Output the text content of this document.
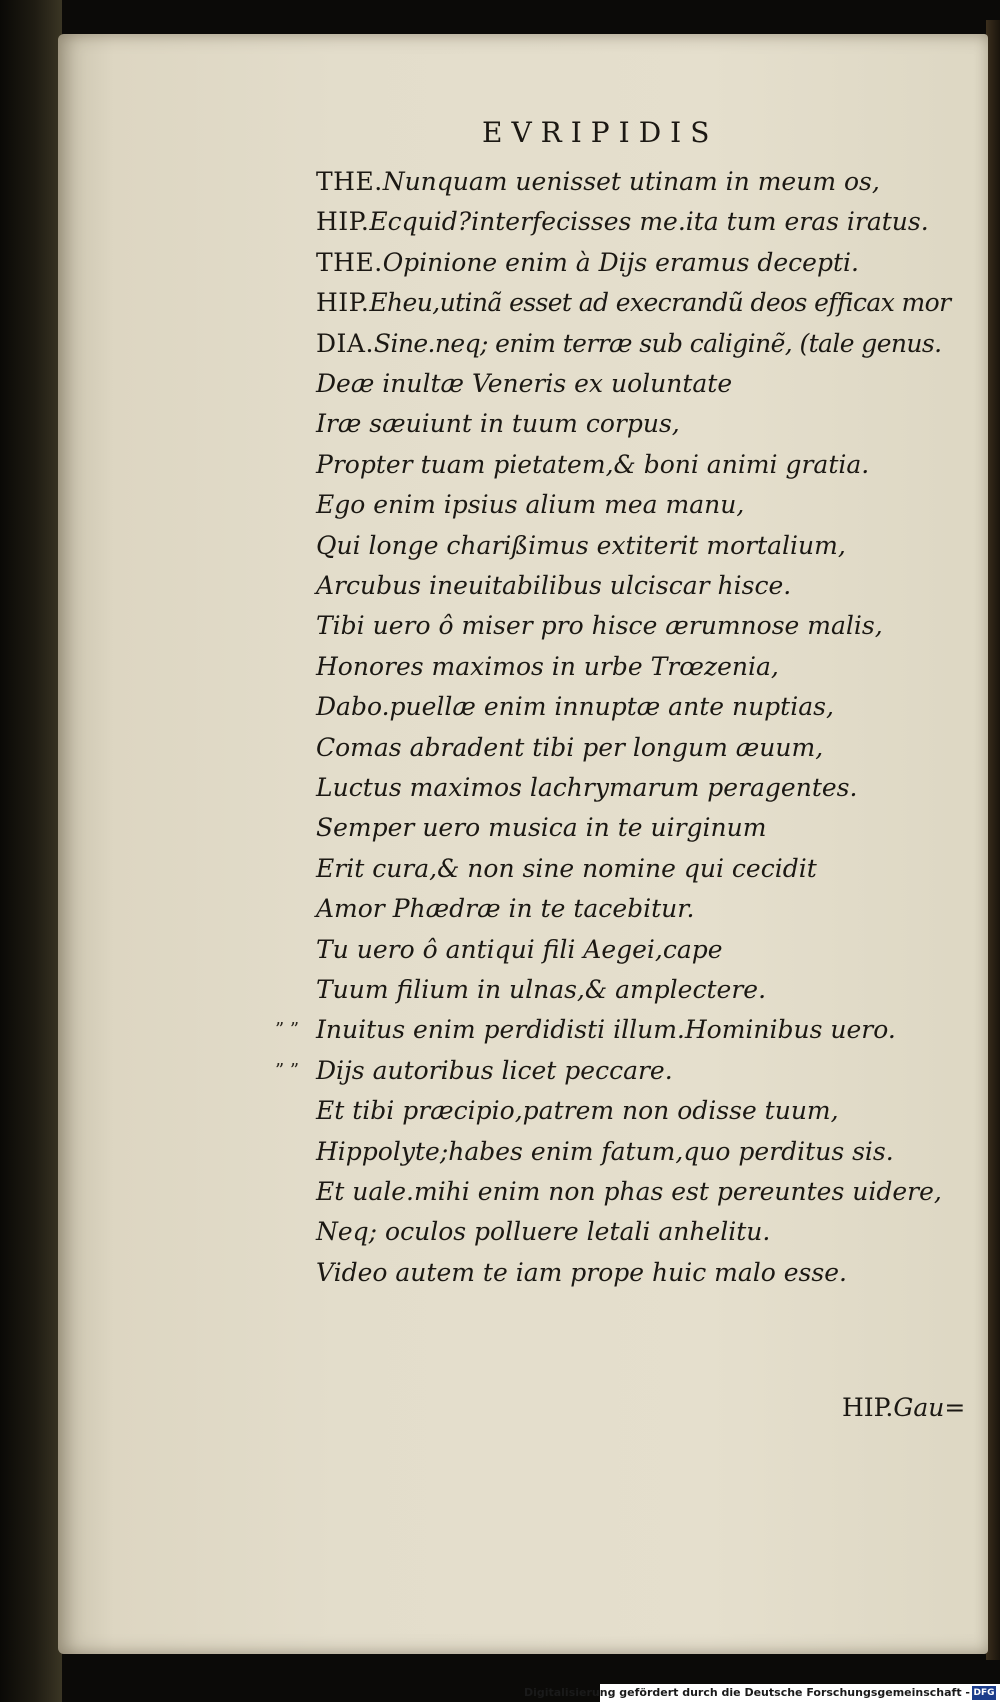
EVRIPIDIS
THE.Nunquam uenisset utinam in meum os,
HIP.Ecquid?interfecisses me.ita tum eras iratus.
THE.Opinione enim à Dijs eramus decepti.
HIP.Eheu,utinã esset ad execrandũ deos efficax mor
DIA.Sine.neq; enim terræ sub caliginẽ, (tale genus.
Deæ inultæ Veneris ex uoluntate
Iræ sæuiunt in tuum corpus,
Propter tuam pietatem,& boni animi gratia.
Ego enim ipsius alium mea manu,
Qui longe charißimus extiterit mortalium,
Arcubus ineuitabilibus ulciscar hisce.
Tibi uero ô miser pro hisce ærumnose malis,
Honores maximos in urbe Trœzenia,
Dabo.puellæ enim innuptæ ante nuptias,
Comas abradent tibi per longum æuum,
Luctus maximos lachrymarum peragentes.
Semper uero musica in te uirginum
Erit cura,& non sine nomine qui cecidit
Amor Phædræ in te tacebitur.
Tu uero ô antiqui fili Aegei,cape
Tuum filium in ulnas,& amplectere.
Inuitus enim perdidisti illum.Hominibus uero.
” ”
Dijs autoribus licet peccare.
” ”
Et tibi præcipio,patrem non odisse tuum,
Hippolyte;habes enim fatum,quo perditus sis.
Et uale.mihi enim non phas est pereuntes uidere,
Neq; oculos polluere letali anhelitu.
Video autem te iam prope huic malo esse.
HIP.Gau=
Digitalisierung gefördert durch die Deutsche Forschungsgemeinschaft - DFG
